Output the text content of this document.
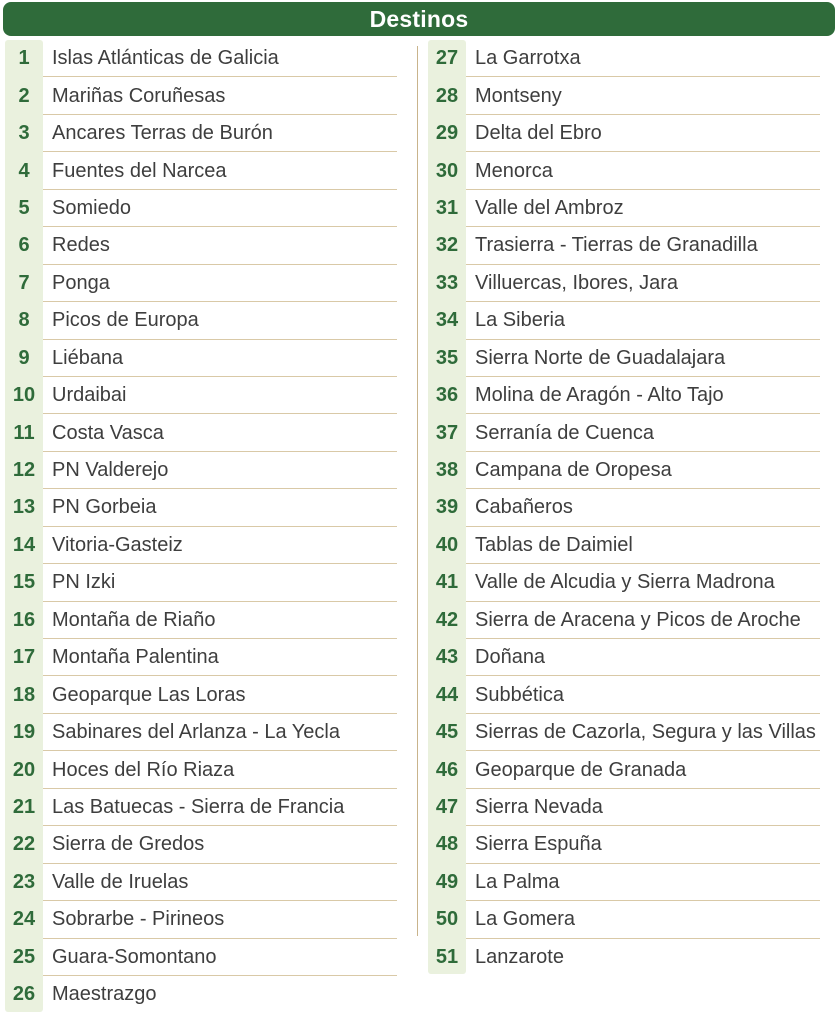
Destinos
1	Islas Atlánticas de Galicia
2	Mariñas Coruñesas
3	Ancares Terras de Burón
4	Fuentes del Narcea
5	Somiedo
6	Redes
7	Ponga
8	Picos de Europa
9	Liébana
10 Urdaibai
11 Costa Vasca
12 PN Valderejo
13 PN Gorbeia
14 Vitoria-Gasteiz
15 PN Izki
16 Montaña de Riaño
17 Montaña Palentina
18 Geoparque Las Loras
19 Sabinares del Arlanza - La Yecla
20 Hoces del Río Riaza
21 Las Batuecas - Sierra de Francia
22 Sierra de Gredos
23 Valle de Iruelas
24 Sobrarbe - Pirineos
25 Guara-Somontano
26 Maestrazgo
27 La Garrotxa
28 Montseny
29 Delta del Ebro
30 Menorca
31 Valle del Ambroz
32 Trasierra - Tierras de Granadilla
33 Villuercas, Ibores, Jara
34 La Siberia
35 Sierra Norte de Guadalajara
36 Molina de Aragón - Alto Tajo
37 Serranía de Cuenca
38 Campana de Oropesa
39 Cabañeros
40 Tablas de Daimiel
41 Valle de Alcudia y Sierra Madrona
42 Sierra de Aracena y Picos de Aroche
43 Doñana
44 Subbética
45 Sierras de Cazorla, Segura y las Villas
46 Geoparque de Granada
47 Sierra Nevada
48 Sierra Espuña
49 La Palma
50 La Gomera
51 Lanzarote
